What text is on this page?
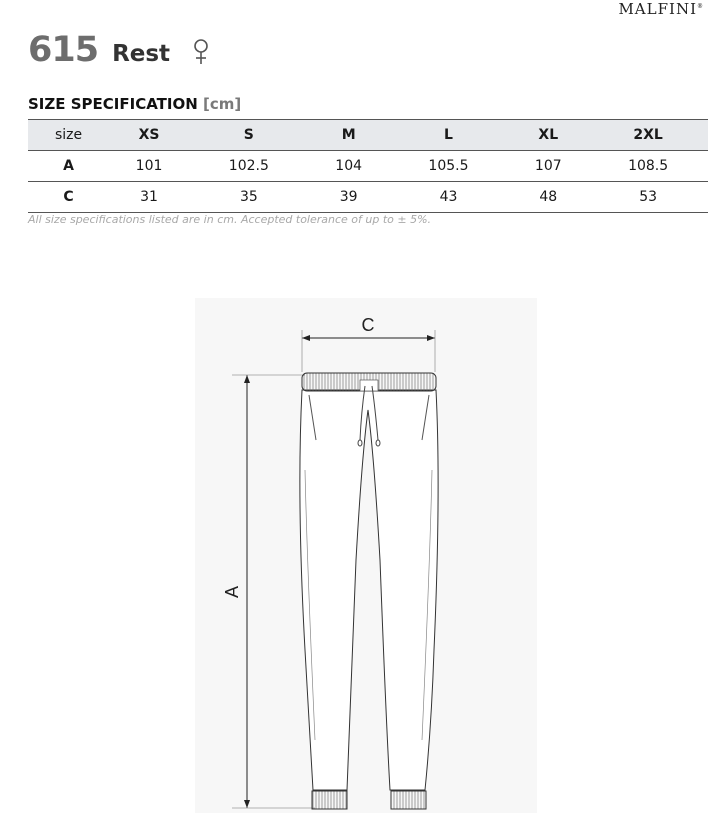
MALFINI®
615 Rest
SIZE SPECIFICATION [cm]
size	XS	S	M	L	XL	2XL
A	101	102.5	104	105.5	107	108.5
C	31	35	39	43	48	53
All size specifications listed are in cm. Accepted tolerance of up to ± 5%.
C
A
